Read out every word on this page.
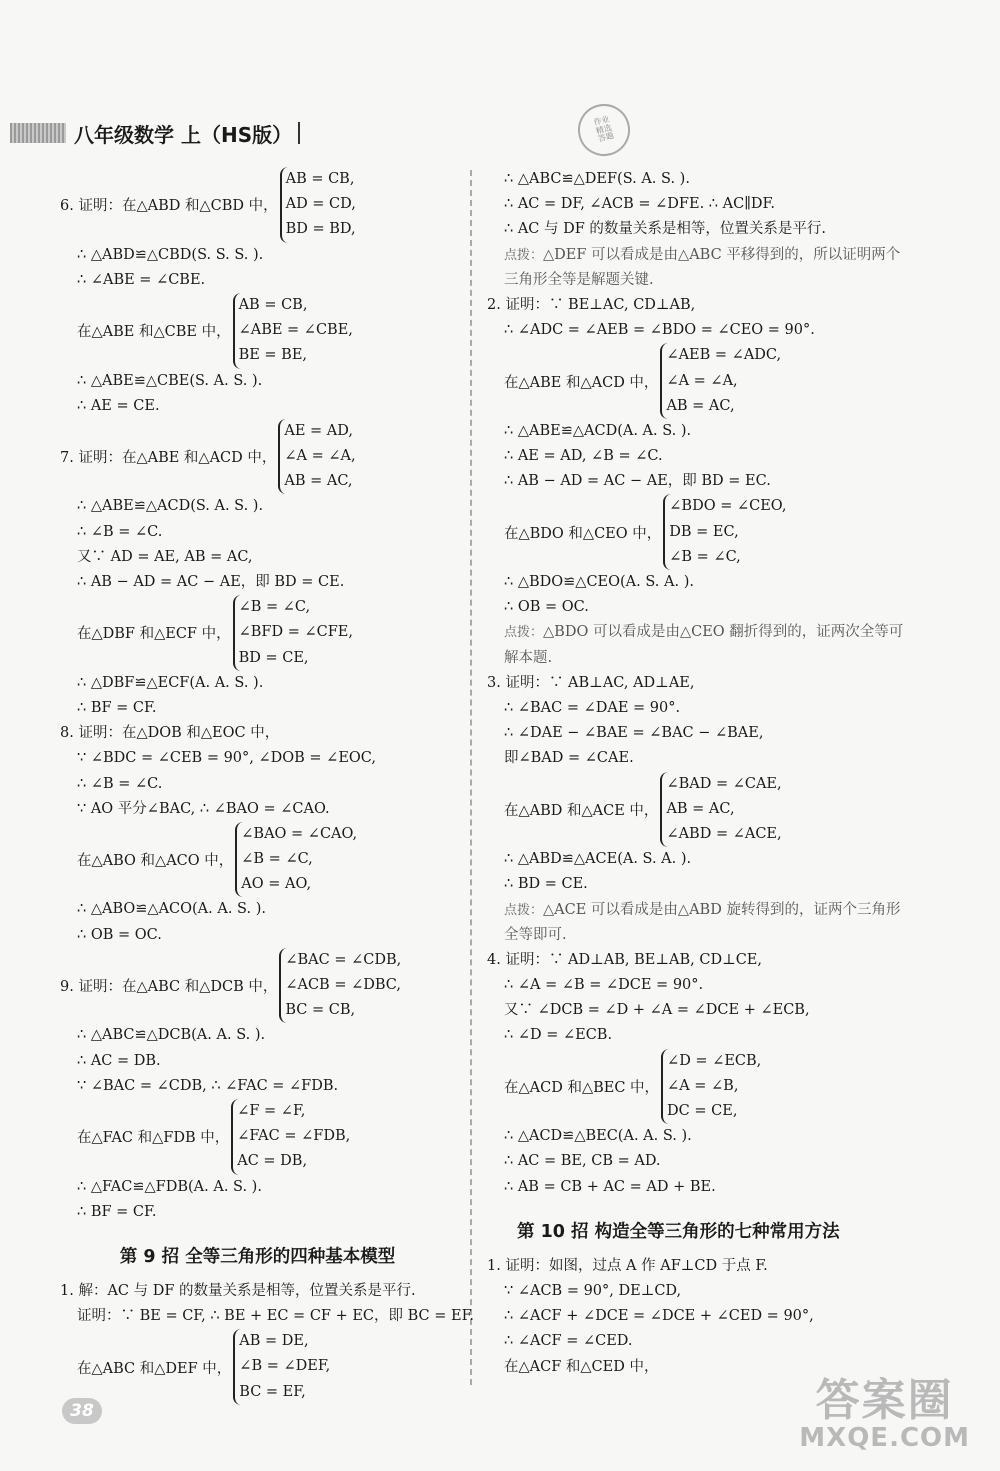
八年级数学 上（HS版）
作业
精选
答题
6. 证明：在△ABD 和△CBD 中，
AB = CB,
AD = CD,
BD = BD,
∴ △ABD≌△CBD(S. S. S. ).
∴ ∠ABE = ∠CBE.
在△ABE 和△CBE 中，
AB = CB,
∠ABE = ∠CBE,
BE = BE,
∴ △ABE≌△CBE(S. A. S. ).
∴ AE = CE.
7. 证明：在△ABE 和△ACD 中，
AE = AD,
∠A = ∠A,
AB = AC,
∴ △ABE≌△ACD(S. A. S. ).
∴ ∠B = ∠C.
又∵ AD = AE, AB = AC,
∴ AB − AD = AC − AE，即 BD = CE.
在△DBF 和△ECF 中，
∠B = ∠C,
∠BFD = ∠CFE,
BD = CE,
∴ △DBF≌△ECF(A. A. S. ).
∴ BF = CF.
8. 证明：在△DOB 和△EOC 中，
∵ ∠BDC = ∠CEB = 90°, ∠DOB = ∠EOC,
∴ ∠B = ∠C.
∵ AO 平分∠BAC, ∴ ∠BAO = ∠CAO.
在△ABO 和△ACO 中，
∠BAO = ∠CAO,
∠B = ∠C,
AO = AO,
∴ △ABO≌△ACO(A. A. S. ).
∴ OB = OC.
9. 证明：在△ABC 和△DCB 中，
∠BAC = ∠CDB,
∠ACB = ∠DBC,
BC = CB,
∴ △ABC≌△DCB(A. A. S. ).
∴ AC = DB.
∵ ∠BAC = ∠CDB, ∴ ∠FAC = ∠FDB.
在△FAC 和△FDB 中，
∠F = ∠F,
∠FAC = ∠FDB,
AC = DB,
∴ △FAC≌△FDB(A. A. S. ).
∴ BF = CF.
第 9 招 全等三角形的四种基本模型
1. 解：AC 与 DF 的数量关系是相等，位置关系是平行.
证明：∵ BE = CF, ∴ BE + EC = CF + EC，即 BC = EF.
在△ABC 和△DEF 中，
AB = DE,
∠B = ∠DEF,
BC = EF,
∴ △ABC≌△DEF(S. A. S. ).
∴ AC = DF, ∠ACB = ∠DFE. ∴ AC∥DF.
∴ AC 与 DF 的数量关系是相等，位置关系是平行.
点拨：△DEF 可以看成是由△ABC 平移得到的，所以证明两个三角形全等是解题关键.
2. 证明：∵ BE⊥AC, CD⊥AB,
∴ ∠ADC = ∠AEB = ∠BDO = ∠CEO = 90°.
在△ABE 和△ACD 中，
∠AEB = ∠ADC,
∠A = ∠A,
AB = AC,
∴ △ABE≌△ACD(A. A. S. ).
∴ AE = AD, ∠B = ∠C.
∴ AB − AD = AC − AE，即 BD = EC.
在△BDO 和△CEO 中，
∠BDO = ∠CEO,
DB = EC,
∠B = ∠C,
∴ △BDO≌△CEO(A. S. A. ).
∴ OB = OC.
点拨：△BDO 可以看成是由△CEO 翻折得到的，证两次全等可解本题.
3. 证明：∵ AB⊥AC, AD⊥AE,
∴ ∠BAC = ∠DAE = 90°.
∴ ∠DAE − ∠BAE = ∠BAC − ∠BAE,
即∠BAD = ∠CAE.
在△ABD 和△ACE 中，
∠BAD = ∠CAE,
AB = AC,
∠ABD = ∠ACE,
∴ △ABD≌△ACE(A. S. A. ).
∴ BD = CE.
点拨：△ACE 可以看成是由△ABD 旋转得到的，证两个三角形全等即可.
4. 证明：∵ AD⊥AB, BE⊥AB, CD⊥CE,
∴ ∠A = ∠B = ∠DCE = 90°.
又∵ ∠DCB = ∠D + ∠A = ∠DCE + ∠ECB,
∴ ∠D = ∠ECB.
在△ACD 和△BEC 中，
∠D = ∠ECB,
∠A = ∠B,
DC = CE,
∴ △ACD≌△BEC(A. A. S. ).
∴ AC = BE, CB = AD.
∴ AB = CB + AC = AD + BE.
第 10 招 构造全等三角形的七种常用方法
1. 证明：如图，过点 A 作 AF⊥CD 于点 F.
∵ ∠ACB = 90°, DE⊥CD,
∴ ∠ACF + ∠DCE = ∠DCE + ∠CED = 90°,
∴ ∠ACF = ∠CED.
在△ACF 和△CED 中，
38	答案圈
MXQE.COM
